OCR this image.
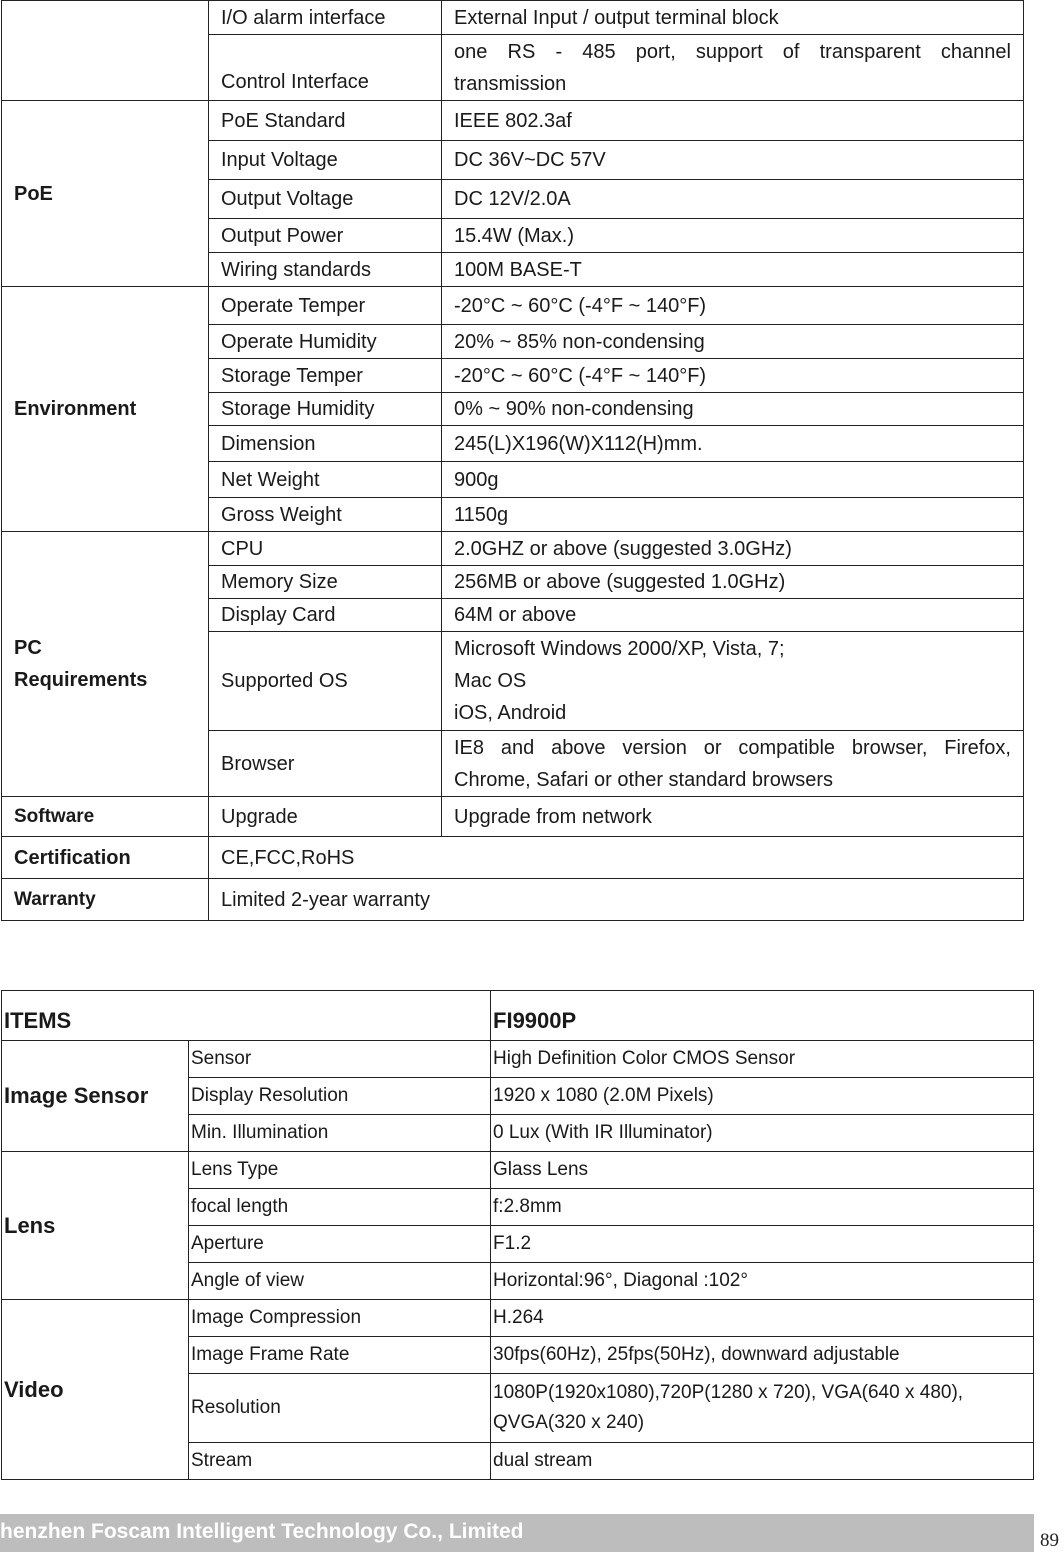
	I/O alarm interface	External Input / output terminal block
	Control Interface	one RS - 485 port, support of transparent channel transmission
PoE	PoE Standard	IEEE 802.3af
	Input Voltage	DC 36V~DC 57V
	Output Voltage	DC 12V/2.0A
	Output Power	15.4W (Max.)
	Wiring standards	100M BASE-T
Environment	Operate Temper	-20°C ~ 60°C (-4°F ~ 140°F)
	Operate Humidity	20% ~ 85% non-condensing
	Storage Temper	-20°C ~ 60°C (-4°F ~ 140°F)
	Storage Humidity	0% ~ 90% non-condensing
	Dimension	245(L)X196(W)X112(H)mm.
	Net Weight	900g
	Gross Weight	1150g

PC
Requirements	CPU	2.0GHZ or above (suggested 3.0GHz)
	Memory Size	256MB or above (suggested 1.0GHz)
	Display Card	64M or above
	Supported OS	Microsoft Windows 2000/XP, Vista, 7;
Mac OS
iOS, Android

	Browser	IE8 and above version or compatible browser, Firefox, Chrome, Safari or other standard browsers
Software	Upgrade	Upgrade from network
Certification	CE,FCC,RoHS	
Warranty	Limited 2-year warranty	
ITEMS		FI9900P
Image Sensor	Sensor	High Definition Color CMOS Sensor
	Display Resolution	1920 x 1080 (2.0M Pixels)
	Min. Illumination	0 Lux (With IR Illuminator)
Lens	Lens Type	Glass Lens
	focal length	f:2.8mm
	Aperture	F1.2
	Angle of view	Horizontal:96°, Diagonal :102°
Video	Image Compression	H.264
	Image Frame Rate	30fps(60Hz), 25fps(50Hz), downward adjustable
	Resolution	1080P(1920x1080),720P(1280 x 720), VGA(640 x 480),
QVGA(320 x 240)

	Stream	dual stream
henzhen Foscam Intelligent Technology Co., Limited	89
